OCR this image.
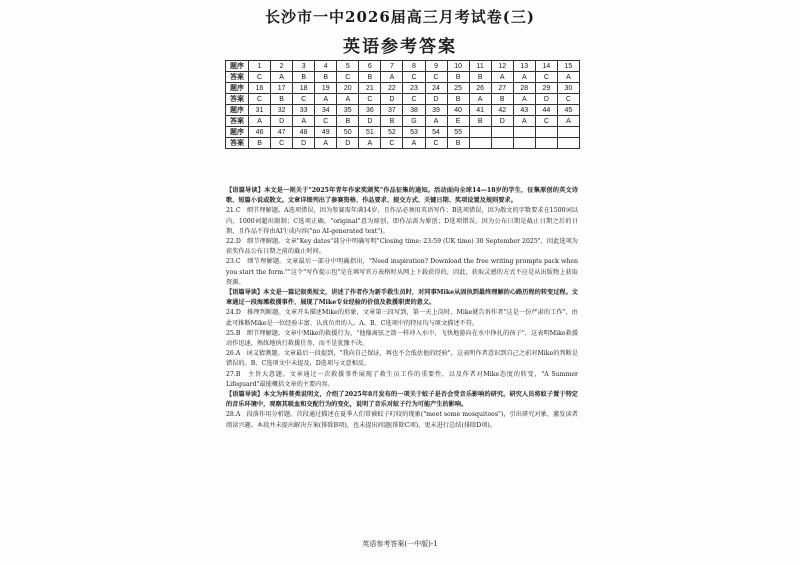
长沙市一中2026届高三月考试卷(三)
英语参考答案
题序	1	2	3	4	5	6	7	8	9	10	11	12	13	14	15
答案	C	A	B	B	C	B	A	C	C	B	B	A	A	C	A
题序	16	17	18	19	20	21	22	23	24	25	26	27	28	29	30
答案	C	B	C	A	A	C	D	C	D	B	A	B	A	D	C
题序	31	32	33	34	35	36	37	38	39	40	41	42	43	44	45
答案	A	D	A	C	B	D	B	G	A	E	B	D	A	C	A
题序	46	47	48	49	50	51	52	53	54	55					
答案	B	C	D	A	D	A	C	A	C	B					

【语篇导读】本文是一则关于"2025年青年作家奖颁奖"作品征集的通知。活动面向全球14—18岁的学生，征集原创的英文诗歌、短篇小说或散文。文章详细列出了参赛资格、作品要求、提交方式、关键日期、奖项设置及规则要求。

21.C　细节理解题。A选项错误，因为参赛需年满14岁，且作品必须用英语写作；B选项错误，因为散文的字数要求在1500词以内，1000词超出限制；C选项正确，"original"意为原创，即作品需为原创；D选项错误，因为公布日期是截止日期之后的日期，且作品不得由AI生成内容("no AI-generated text")。

22.D　细节理解题。文章"Key dates"部分中明确写明"Closing time: 23:59 (UK time) 30 September 2025"，因此选项为获奖作品公布日期之前的截止时间。

23.C　细节理解题。文章最后一部分中明确指出，"Need inspiration? Download the free writing prompts pack when you start the form.""这个"写作提示包"是在填写官方表格时从网上下载获得的，因此，获取灵感的方式不应是从出版物上获取资源。

【语篇导读】本文是一篇记叙类短文，讲述了作者作为新手救生员时，对同事Mike从固执到最终理解的心路历程的转变过程。文章通过一段海滩救援事件，展现了Mike专业经验的价值及救援职责的意义。

24.D　推理判断题。文章开头描述Mike的形象，文章第三段写到，第一天上岗时，Mike就告诉作者"这是一份严肃的工作"，由此可推断Mike是一位经验丰富、认真负责的人。A、B、C选项中的特征均与原文描述不符。

25.B　细节理解题。文章中Mike的救援行为，"他像离弦之箭一样冲入水中，飞快地游向在水中挣扎的孩子"，这表明Mike救援动作迅速，熟练地执行救援任务，而不是犹豫不决。

26.A　词义猜测题。文章最后一段提到，"我向自己保证，再也不会低估他的经验"，这表明作者意识到自己之前对Mike的判断是错误的。B、C选项文中未提及，D选项与文意相反。

27.B　主旨大意题。文章通过一次救援事件展现了救生员工作的重要性，以及作者对Mike态度的转变，"A Summer Lifeguard"最能概括文章的主要内容。

【语篇导读】本文为科普类说明文，介绍了2025年8月发布的一项关于蚊子是否会受音乐影响的研究。研究人员将蚊子置于特定的音乐环境中，观察其吸血和交配行为的变化，说明了音乐对蚊子行为可能产生的影响。

28.A　段落作用分析题。首段通过描述在夏季人们常被蚊子叮咬的现象("meet some mosquitoes")，引出研究对象，激发读者阅读兴趣。本段并未提出解决方案(排除B项)，也未提出问题(排除C项)，更未进行总结(排除D项)。

英语参考答案(一中版)-1
